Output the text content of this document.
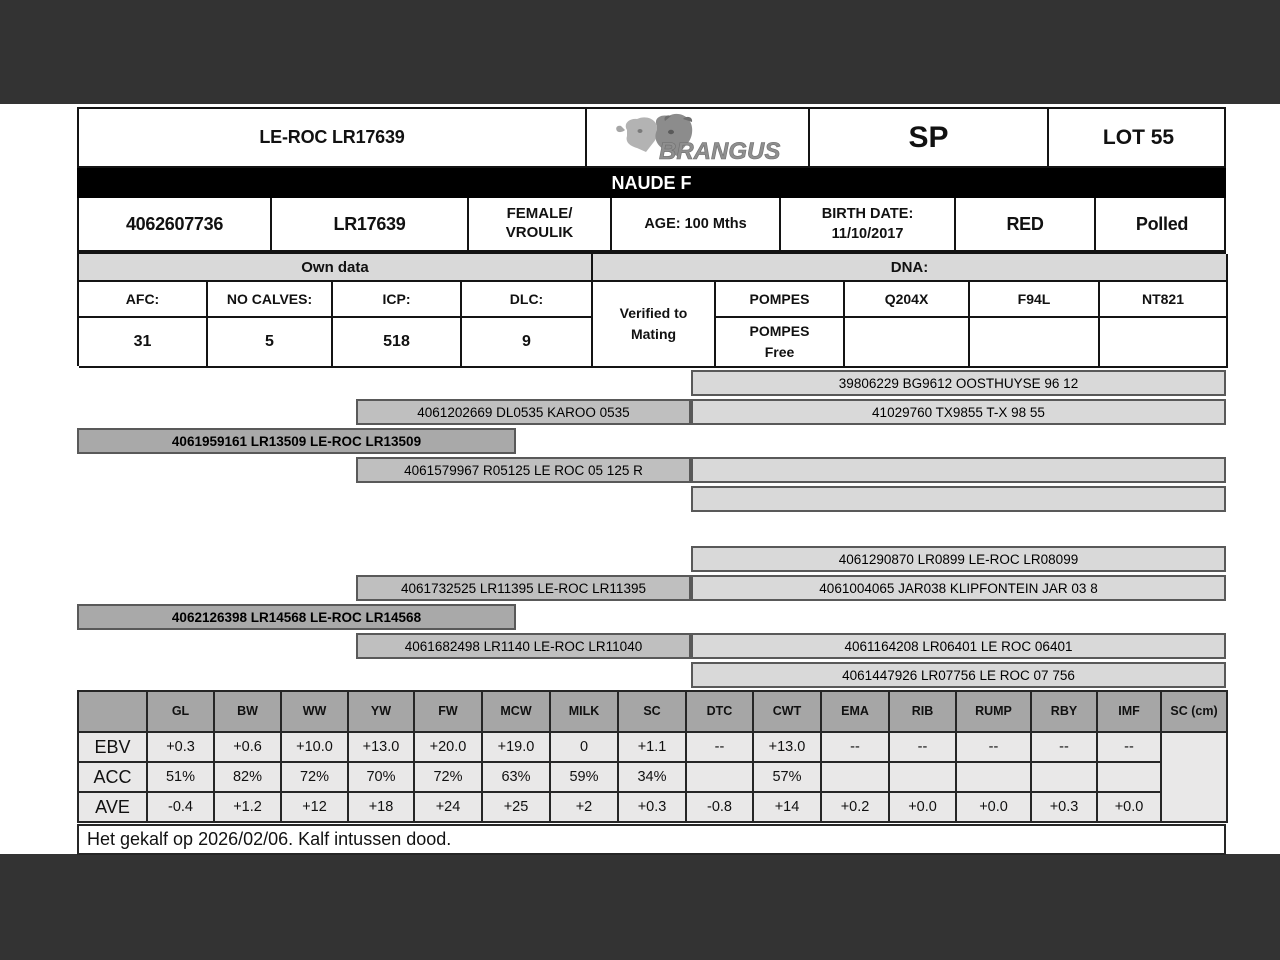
LE-ROC LR17639
BRANGUS	SP	LOT 55
NAUDE F
4062607736	LR17639	FEMALE/ VROULIK
AGE: 100 Mths
BIRTH DATE:
11/10/2017
RED	Polled
Own data	DNA:
AFC:	NO CALVES:	ICP:	DLC:
31	5	518	9
Verified to Mating
POMPES	Q204X	F94L	NT821
POMPES Free
39806229 BG9612 OOSTHUYSE 96 12
4061202669 DL0535 KAROO 0535	41029760 TX9855 T-X 98 55
4061959161 LR13509 LE-ROC LR13509
4061579967 R05125 LE ROC 05 125 R
4061290870 LR0899 LE-ROC LR08099
4061732525 LR11395 LE-ROC LR11395	4061004065 JAR038 KLIPFONTEIN JAR 03 8
4062126398 LR14568 LE-ROC LR14568
4061682498 LR1140 LE-ROC LR11040	4061164208 LR06401 LE ROC 06401
4061447926 LR07756 LE ROC 07 756
	GL	BW	WW	YW	FW	MCW	MILK	SC	DTC	CWT	EMA	RIB	RUMP	RBY	IMF	SC (cm)
EBV	+0.3	+0.6	+10.0	+13.0	+20.0	+19.0	0	+1.1	--	+13.0	--	--	--	--	--	
ACC	51%	82%	72%	70%	72%	63%	59%	34%		57%						
AVE	-0.4	+1.2	+12	+18	+24	+25	+2	+0.3	-0.8	+14	+0.2	+0.0	+0.0	+0.3	+0.0	
Het gekalf op 2026/02/06. Kalf intussen dood.
